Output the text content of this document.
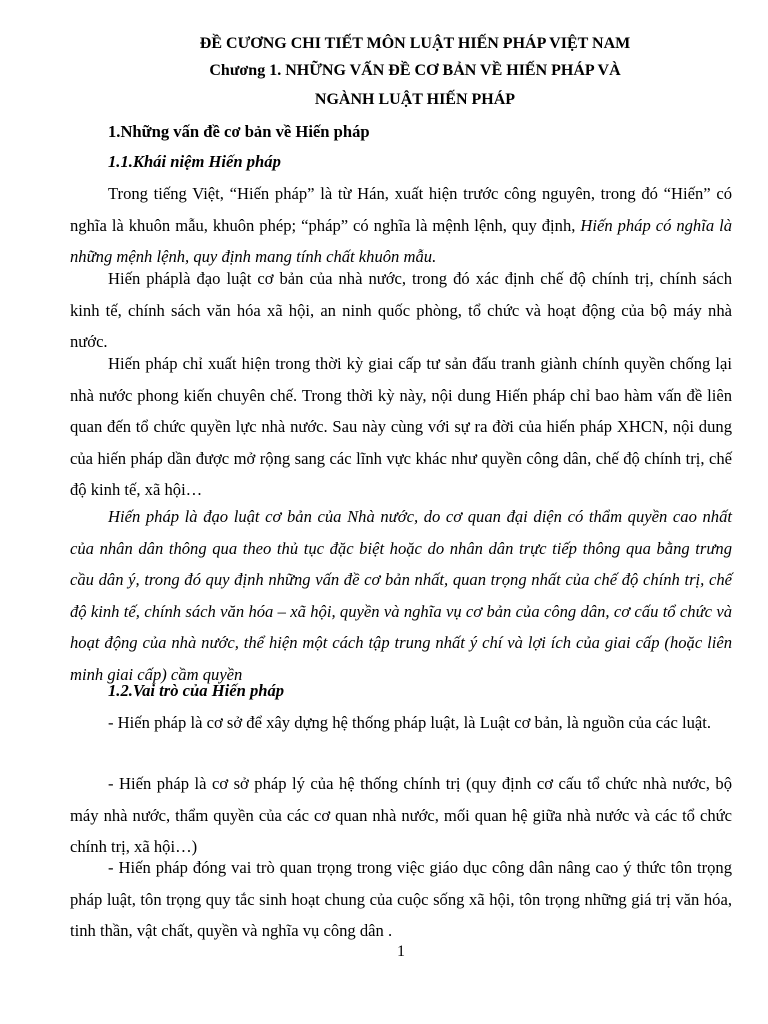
ĐỀ CƯƠNG CHI TIẾT MÔN LUẬT HIẾN PHÁP VIỆT NAM

Chương 1. NHỮNG VẤN ĐỀ CƠ BẢN VỀ HIẾN PHÁP VÀ

NGÀNH LUẬT HIẾN PHÁP

1.Những vấn đề cơ bản về Hiến pháp

1.1.Khái niệm Hiến pháp

Trong tiếng Việt, “Hiến pháp” là từ Hán, xuất hiện trước công nguyên, trong đó “Hiến” có nghĩa là khuôn mẫu, khuôn phép; “pháp” có nghĩa là mệnh lệnh, quy định, Hiến pháp có nghĩa là những mệnh lệnh, quy định mang tính chất khuôn mẫu.

Hiến pháplà đạo luật cơ bản của nhà nước, trong đó xác định chế độ chính trị, chính sách kinh tế, chính sách văn hóa xã hội, an ninh quốc phòng, tổ chức và hoạt động của bộ máy nhà nước.

Hiến pháp chỉ xuất hiện trong thời kỳ giai cấp tư sản đấu tranh giành chính quyền chống lại nhà nước phong kiến chuyên chế. Trong thời kỳ này, nội dung Hiến pháp chỉ bao hàm vấn đề liên quan đến tổ chức quyền lực nhà nước. Sau này cùng với sự ra đời của hiến pháp XHCN, nội dung của hiến pháp dần được mở rộng sang các lĩnh vực khác như quyền công dân, chế độ chính trị, chế độ kinh tế, xã hội…

Hiến pháp là đạo luật cơ bản của Nhà nước, do cơ quan đại diện có thẩm quyền cao nhất của nhân dân thông qua theo thủ tục đặc biệt hoặc do nhân dân trực tiếp thông qua bằng trưng cầu dân ý, trong đó quy định những vấn đề cơ bản nhất, quan trọng nhất của chế độ chính trị, chế độ kinh tế, chính sách văn hóa – xã hội, quyền và nghĩa vụ cơ bản của công dân, cơ cấu tổ chức và hoạt động của nhà nước, thể hiện một cách tập trung nhất ý chí và lợi ích của giai cấp (hoặc liên minh giai cấp) cầm quyền

1.2.Vai trò của Hiến pháp

- Hiến pháp là cơ sở để xây dựng hệ thống pháp luật, là Luật cơ bản, là nguồn của các luật.

- Hiến pháp là cơ sở pháp lý của hệ thống chính trị (quy định cơ cấu tổ chức nhà nước, bộ máy nhà nước, thẩm quyền của các cơ quan nhà nước, mối quan hệ giữa nhà nước và các tổ chức chính trị, xã hội…)

- Hiến pháp đóng vai trò quan trọng trong việc giáo dục công dân nâng cao ý thức tôn trọng pháp luật, tôn trọng quy tắc sinh hoạt chung của cuộc sống xã hội, tôn trọng những giá trị văn hóa, tinh thần, vật chất, quyền và nghĩa vụ công dân .

1
